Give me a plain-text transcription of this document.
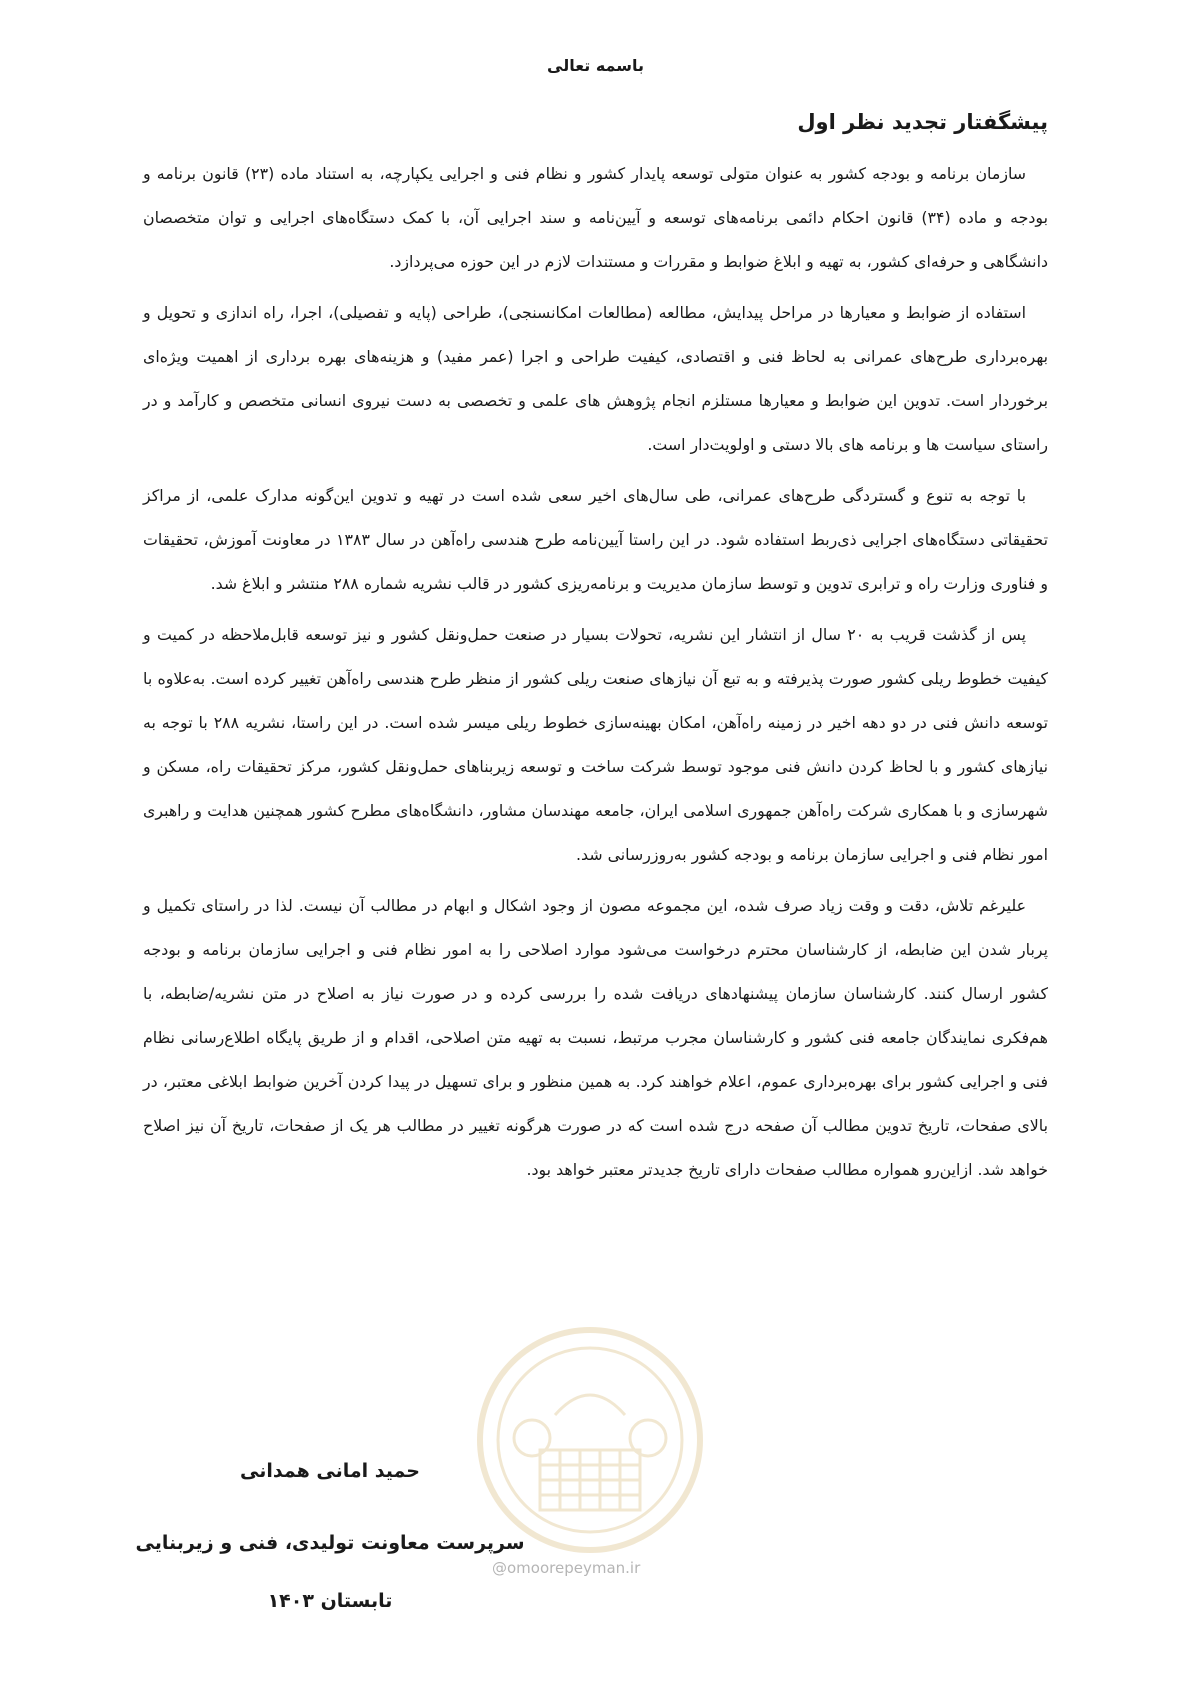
باسمه تعالی
پیشگفتار تجدید نظر اول

سازمان برنامه و بودجه کشور به عنوان متولی توسعه پایدار کشور و نظام فنی و اجرایی یکپارچه، به استناد ماده (۲۳) قانون برنامه و بودجه و ماده (۳۴) قانون احکام دائمی برنامه‌های توسعه و آیین‌نامه و سند اجرایی آن، با کمک دستگاه‌های اجرایی و توان متخصصان دانشگاهی و حرفه‌ای کشور، به تهیه و ابلاغ ضوابط و مقررات و مستندات لازم در این حوزه می‌پردازد.

استفاده از ضوابط و معیارها در مراحل پیدایش، مطالعه (مطالعات امکانسنجی)، طراحی (پایه و تفصیلی)، اجرا، راه اندازی و تحویل و بهره‌برداری طرح‌های عمرانی به لحاظ فنی و اقتصادی، کیفیت طراحی و اجرا (عمر مفید) و هزینه‌های بهره برداری از اهمیت ویژه‌ای برخوردار است. تدوین این ضوابط و معیارها مستلزم انجام پژوهش های علمی و تخصصی به دست نیروی انسانی متخصص و کارآمد و در راستای سیاست ها و برنامه های بالا دستی و اولویت‌دار است.

با توجه به تنوع و گستردگی طرح‌های عمرانی، طی سال‌های اخیر سعی شده است در تهیه و تدوین این‌گونه مدارک علمی، از مراکز تحقیقاتی دستگاه‌های اجرایی ذی‌ربط استفاده شود. در این راستا آیین‌نامه طرح هندسی راه‌آهن در سال ۱۳۸۳ در معاونت آموزش، تحقیقات و فناوری وزارت راه و ترابری تدوین و توسط سازمان مدیریت و برنامه‌ریزی کشور در قالب نشریه شماره ۲۸۸ منتشر و ابلاغ شد.

پس از گذشت قریب به ۲۰ سال از انتشار این نشریه، تحولات بسیار در صنعت حمل‌ونقل کشور و نیز توسعه قابل‌ملاحظه در کمیت و کیفیت خطوط ریلی کشور صورت پذیرفته و به تبع آن نیازهای صنعت ریلی کشور از منظر طرح هندسی راه‌آهن تغییر کرده است. به‌علاوه با توسعه دانش فنی در دو دهه اخیر در زمینه راه‌آهن، امکان بهینه‌سازی خطوط ریلی میسر شده است. در این راستا، نشریه ۲۸۸ با توجه به نیازهای کشور و با لحاظ کردن دانش فنی موجود توسط شرکت ساخت و توسعه زیربناهای حمل‌ونقل کشور، مرکز تحقیقات راه، مسکن و شهرسازی و با همکاری شرکت راه‌آهن جمهوری اسلامی ایران، جامعه مهندسان مشاور، دانشگاه‌های مطرح کشور همچنین هدایت و راهبری امور نظام فنی و اجرایی سازمان برنامه و بودجه کشور به‌روزرسانی شد.

علیرغم تلاش، دقت و وقت زیاد صرف شده، این مجموعه مصون از وجود اشکال و ابهام در مطالب آن نیست. لذا در راستای تکمیل و پربار شدن این ضابطه، از کارشناسان محترم درخواست می‌شود موارد اصلاحی را به امور نظام فنی و اجرایی سازمان برنامه و بودجه کشور ارسال کنند. کارشناسان سازمان پیشنهادهای دریافت شده را بررسی کرده و در صورت نیاز به اصلاح در متن نشریه/ضابطه، با هم‌فکری نمایندگان جامعه فنی کشور و کارشناسان مجرب مرتبط، نسبت به تهیه متن اصلاحی، اقدام و از طریق پایگاه اطلاع‌رسانی نظام فنی و اجرایی کشور برای بهره‌برداری عموم، اعلام خواهند کرد. به همین منظور و برای تسهیل در پیدا کردن آخرین ضوابط ابلاغی معتبر، در بالای صفحات، تاریخ تدوین مطالب آن صفحه درج شده است که در صورت هرگونه تغییر در مطالب هر یک از صفحات، تاریخ آن نیز اصلاح خواهد شد. ازاین‌رو همواره مطالب صفحات دارای تاریخ جدیدتر معتبر خواهد بود.

@omoorepeyman.ir
حمید امانی همدانی
سرپرست معاونت تولیدی، فنی و زیربنایی
تابستان ۱۴۰۳
